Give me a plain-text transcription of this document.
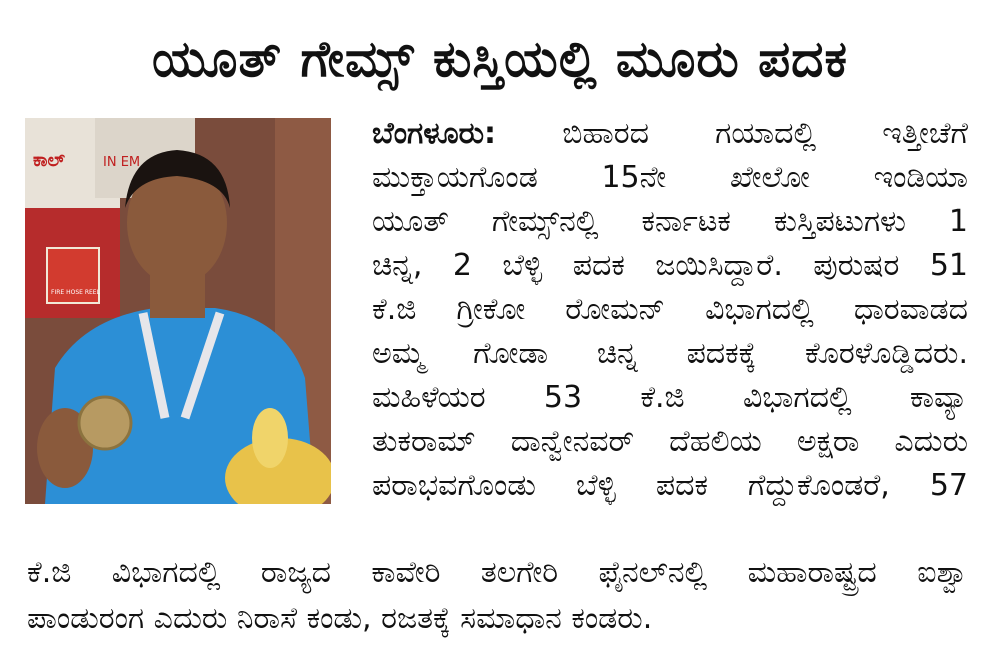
ಯೂತ್ ಗೇಮ್ಸ್ ಕುಸ್ತಿಯಲ್ಲಿ ಮೂರು ಪದಕ
ಕಾಲ್	IN EM
FIRE HOSE REEL
ಬೆಂಗಳೂರು: ಬಿಹಾರದ ಗಯಾದಲ್ಲಿ ಇತ್ತೀಚೆಗೆ
ಮುಕ್ತಾಯಗೊಂಡ 15ನೇ ಖೇಲೋ ಇಂಡಿಯಾ
ಯೂತ್ ಗೇಮ್ಸ್‌ನಲ್ಲಿ ಕರ್ನಾಟಕ ಕುಸ್ತಿಪಟುಗಳು 1
ಚಿನ್ನ, 2 ಬೆಳ್ಳಿ ಪದಕ ಜಯಿಸಿದ್ದಾರೆ. ಪುರುಷರ 51
ಕೆ.ಜಿ ಗ್ರೀಕೋ ರೋಮನ್ ವಿಭಾಗದಲ್ಲಿ ಧಾರವಾಡದ
ಅಮ್ಮ ಗೋಡಾ ಚಿನ್ನ ಪದಕಕ್ಕೆ ಕೊರಳೊಡ್ಡಿದರು.
ಮಹಿಳೆಯರ 53 ಕೆ.ಜಿ ವಿಭಾಗದಲ್ಲಿ ಕಾವ್ಯಾ
ತುಕರಾಮ್ ದಾನ್ವೇನವರ್ ದೆಹಲಿಯ ಅಕ್ಷರಾ ಎದುರು
ಪರಾಭವಗೊಂಡು ಬೆಳ್ಳಿ ಪದಕ ಗೆದ್ದುಕೊಂಡರೆ, 57
ಕೆ.ಜಿ ವಿಭಾಗದಲ್ಲಿ ರಾಜ್ಯದ ಕಾವೇರಿ ತಲಗೇರಿ ಫೈನಲ್‌ನಲ್ಲಿ ಮಹಾರಾಷ್ಟ್ರದ ಐಶ್ವಾ
ಪಾಂಡುರಂಗ ಎದುರು ನಿರಾಸೆ ಕಂಡು, ರಜತಕ್ಕೆ ಸಮಾಧಾನ ಕಂಡರು.
